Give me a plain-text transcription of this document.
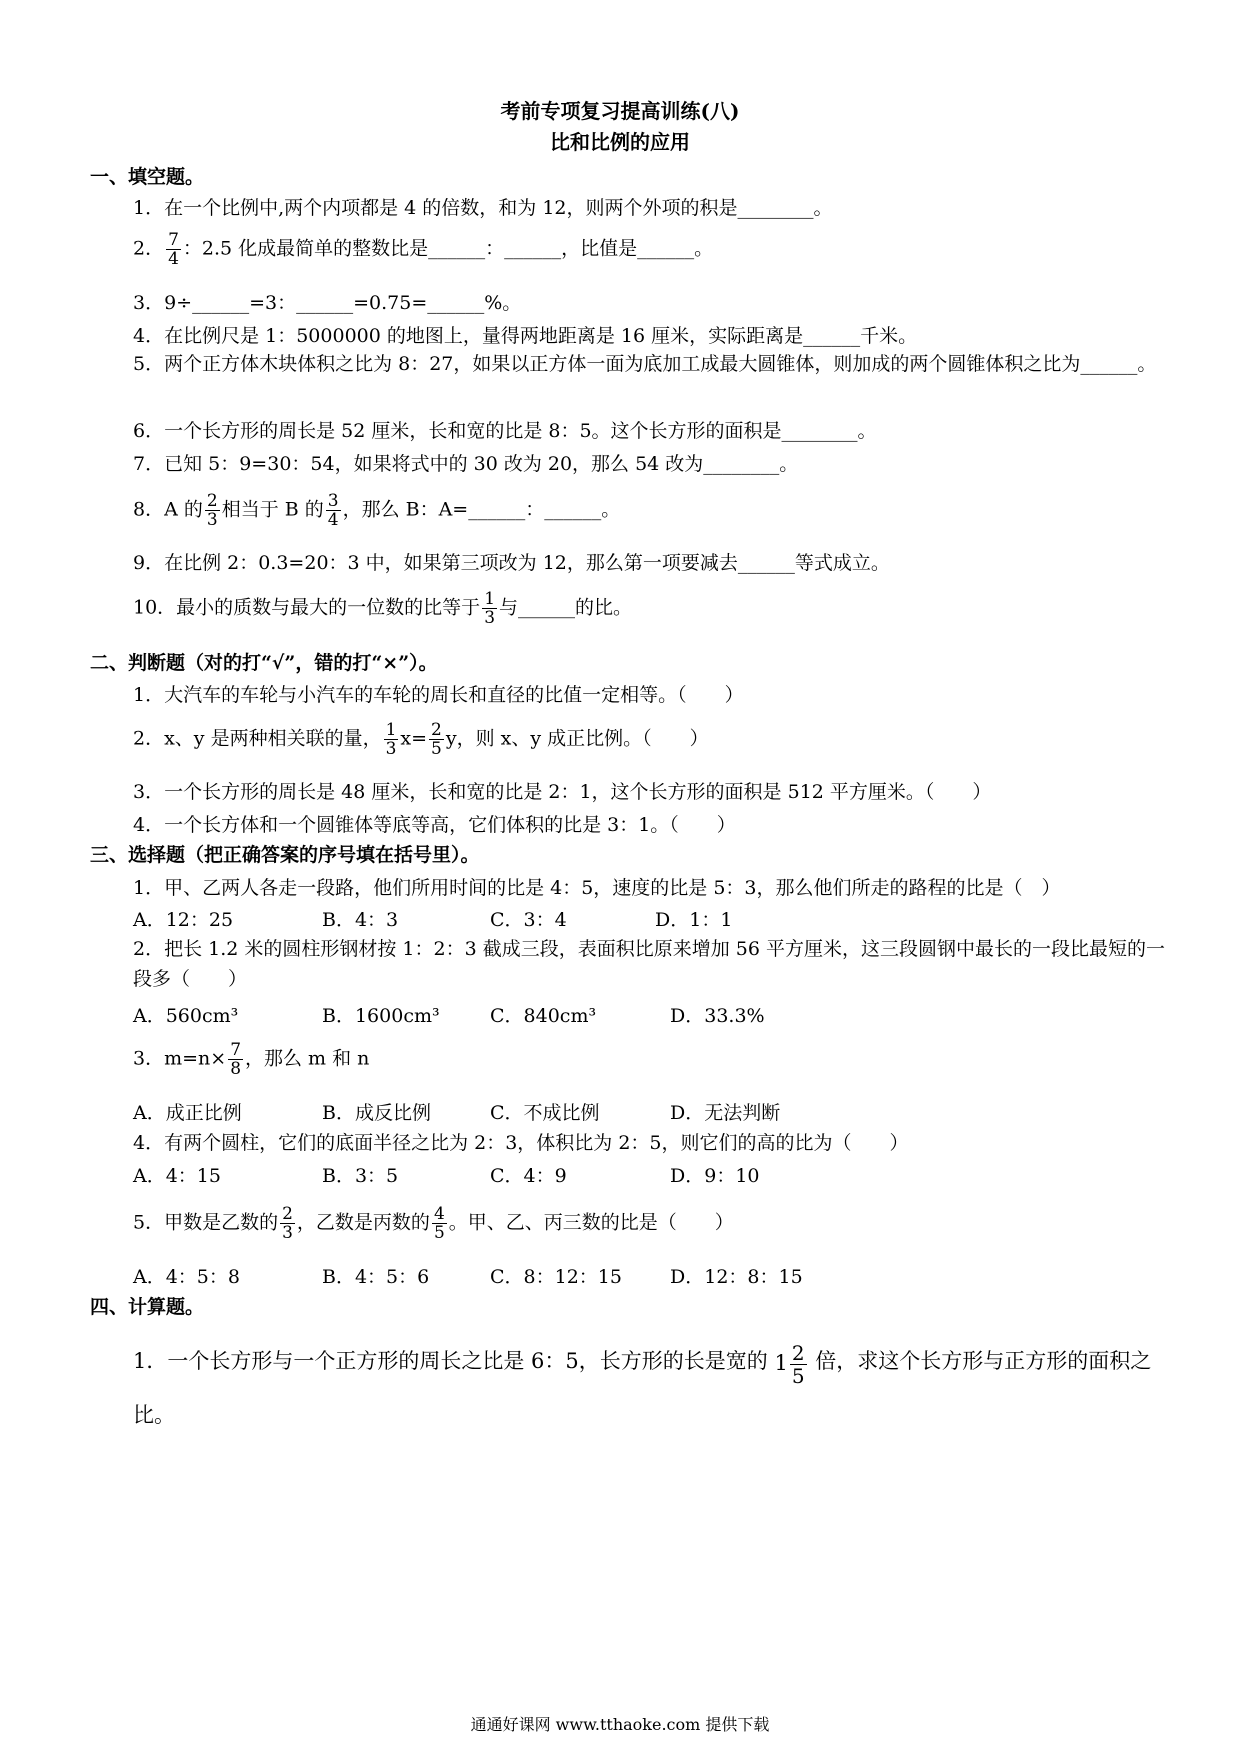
考前专项复习提高训练(八)
比和比例的应用
一、填空题。
1．在一个比例中,两个内项都是 4 的倍数，和为 12，则两个外项的积是________。
2． $\frac{7}{4}$ ：2.5 化成最简单的整数比是______：______，比值是______。
3．9÷______=3：______=0.75=______%。
4．在比例尺是 1：5000000 的地图上，量得两地距离是 16 厘米，实际距离是______千米。
5．两个正方体木块体积之比为 8：27，如果以正方体一面为底加工成最大圆锥体，则加成的两个圆锥体积之比为______。
6．一个长方形的周长是 52 厘米，长和宽的比是 8：5。这个长方形的面积是________。
7．已知 5：9=30：54，如果将式中的 30 改为 20，那么 54 改为________。
8．A 的 $\frac{2}{3}$ 相当于 B 的 $\frac{3}{4}$ ，那么 B：A=______：______。
9．在比例 2：0.3=20：3 中，如果第三项改为 12，那么第一项要减去______等式成立。
10．最小的质数与最大的一位数的比等于 $\frac{1}{3}$ 与______的比。
二、判断题（对的打“√”，错的打“×”）。
1．大汽车的车轮与小汽车的车轮的周长和直径的比值一定相等。（　　）
2．x、y 是两种相关联的量， $\frac{1}{3} x= \frac{2}{5}$ y，则 x、y 成正比例。（　　）
3．一个长方形的周长是 48 厘米，长和宽的比是 2：1，这个长方形的面积是 512 平方厘米。（　　）
4．一个长方体和一个圆锥体等底等高，它们体积的比是 3：1。（　　）
三、选择题（把正确答案的序号填在括号里）。
1．甲、乙两人各走一段路，他们所用时间的比是 4：5，速度的比是 5：3，那么他们所走的路程的比是（　）
A．12：25	B．4：3	C．3：4	D．1：1
2．把长 1.2 米的圆柱形钢材按 1：2：3 截成三段，表面积比原来增加 56 平方厘米，这三段圆钢中最长的一段比最短的一段多（　　）
A．560cm³	B．1600cm³	C．840cm³	D．33.3%
3．$m=n\times \frac{7}{8}$ ，那么 m 和 n
A．成正比例	B．成反比例	C．不成比例	D．无法判断
4．有两个圆柱，它们的底面半径之比为 2：3，体积比为 2：5，则它们的高的比为（　　）
A．4：15	B．3：5	C．4：9	D．9：10
5．甲数是乙数的 $\frac{2}{3}$ ，乙数是丙数的 $\frac{4}{5}$ 。甲、乙、丙三数的比是（　　）
A．4：5：8	B．4：5：6	C．8：12：15	D．12：8：15
四、计算题。
1．一个长方形与一个正方形的周长之比是 6：5，长方形的长是宽的 $1 \frac{2}{5}$ 倍，求这个长方形与正方形的面积之比。
通通好课网 www.tthaoke.com 提供下载
